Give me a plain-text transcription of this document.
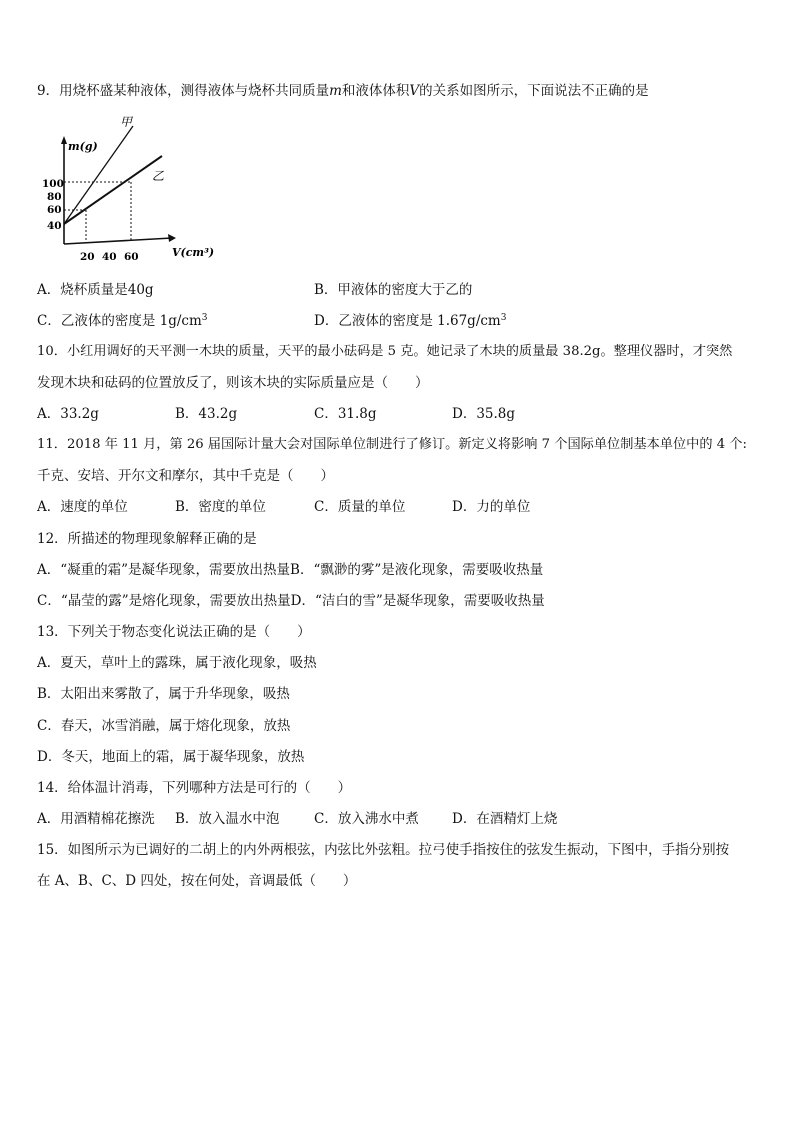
9．用烧杯盛某种液体，测得液体与烧杯共同质量m和液体体积V的关系如图所示，下面说法不正确的是
m(g)
V(cm³)
100
80
60
40
20 40 60
甲
乙
A．烧杯质量是40g	B．甲液体的密度大于乙的
C．乙液体的密度是 $1g/cm^3$	D．乙液体的密度是 $1.67g/cm^3$
10．小红用调好的天平测一木块的质量，天平的最小砝码是 5 克。她记录了木块的质量最 38.2g。整理仪器时，才突然
发现木块和砝码的位置放反了，则该木块的实际质量应是（　　）
A．33.2g	B．43.2g	C．31.8g	D．35.8g
11．2018 年 11 月，第 26 届国际计量大会对国际单位制进行了修订。新定义将影响 7 个国际单位制基本单位中的 4 个:
千克、安培、开尔文和摩尔，其中千克是（　　）
A．速度的单位	B．密度的单位	C．质量的单位	D．力的单位
12．所描述的物理现象解释正确的是
A．“凝重的霜”是凝华现象，需要放出热量B．“飘渺的雾”是液化现象，需要吸收热量
C．“晶莹的露”是熔化现象，需要放出热量D．“洁白的雪”是凝华现象，需要吸收热量
13．下列关于物态变化说法正确的是（　　）
A．夏天，草叶上的露珠，属于液化现象，吸热
B．太阳出来雾散了，属于升华现象，吸热
C．春天，冰雪消融，属于熔化现象，放热
D．冬天，地面上的霜，属于凝华现象，放热
14．给体温计消毒，下列哪种方法是可行的（　　）
A．用酒精棉花擦洗 B．放入温水中泡	C．放入沸水中煮 D．在酒精灯上烧
15．如图所示为已调好的二胡上的内外两根弦，内弦比外弦粗。拉弓使手指按住的弦发生振动，下图中，手指分别按
在 A、B、C、D 四处，按在何处，音调最低（　　）
